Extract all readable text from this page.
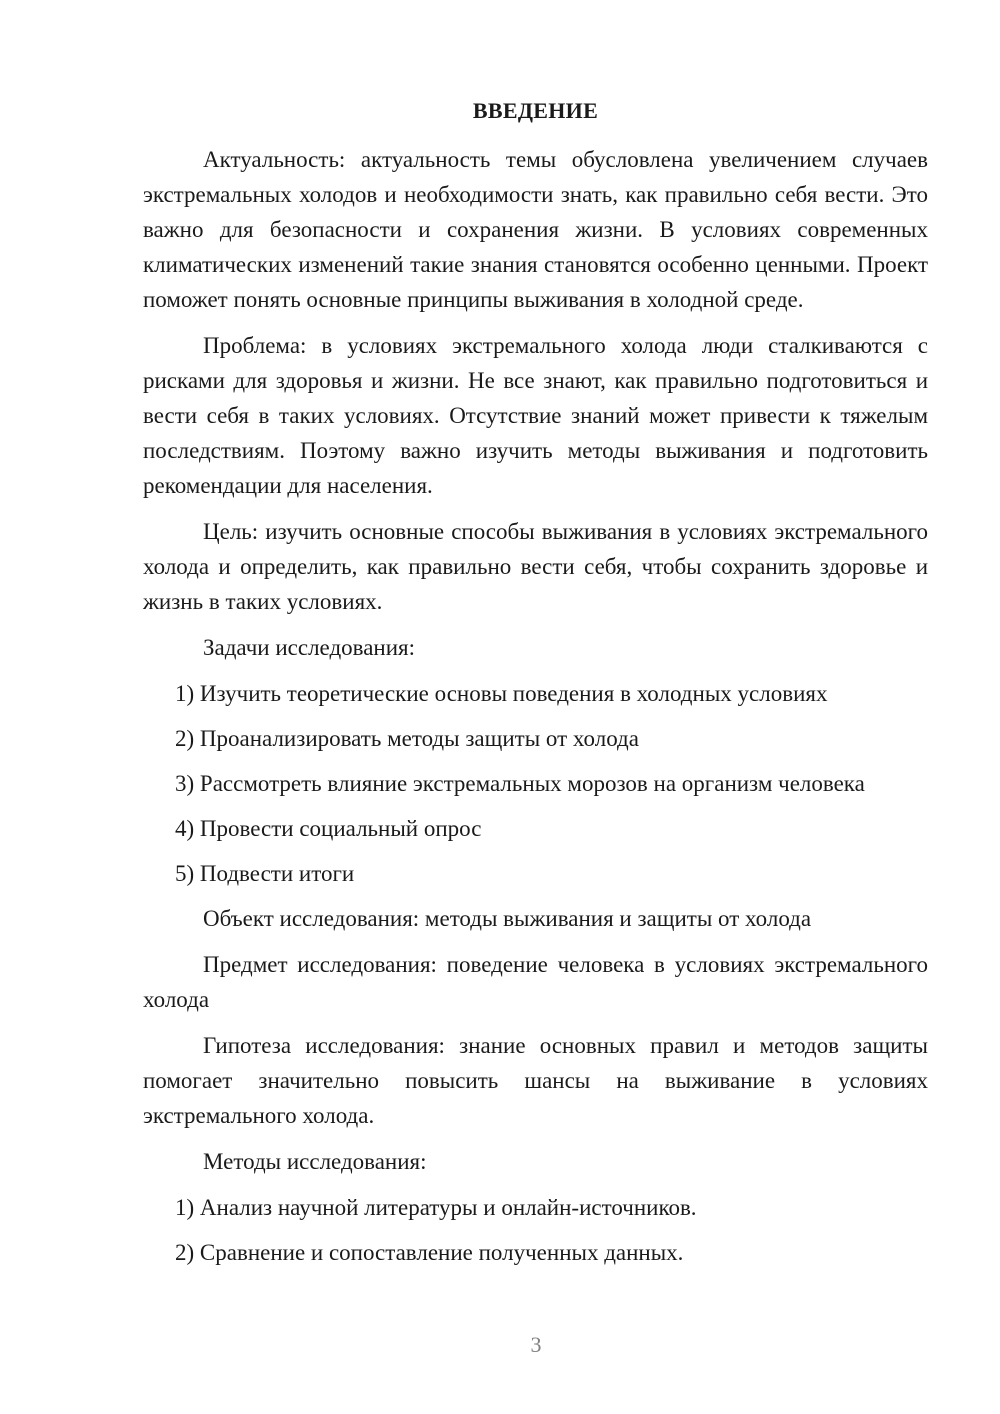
ВВЕДЕНИЕ

Актуальность: актуальность темы обусловлена увеличением случаев экстремальных холодов и необходимости знать, как правильно себя вести. Это важно для безопасности и сохранения жизни. В условиях современных климатических изменений такие знания становятся особенно ценными. Проект поможет понять основные принципы выживания в холодной среде.

Проблема: в условиях экстремального холода люди сталкиваются с рисками для здоровья и жизни. Не все знают, как правильно подготовиться и вести себя в таких условиях. Отсутствие знаний может привести к тяжелым последствиям. Поэтому важно изучить методы выживания и подготовить рекомендации для населения.

Цель: изучить основные способы выживания в условиях экстремального холода и определить, как правильно вести себя, чтобы сохранить здоровье и жизнь в таких условиях.

Задачи исследования:

1) Изучить теоретические основы поведения в холодных условиях
2) Проанализировать методы защиты от холода
3) Рассмотреть влияние экстремальных морозов на организм человека
4) Провести социальный опрос
5) Подвести итоги

Объект исследования: методы выживания и защиты от холода

Предмет исследования: поведение человека в условиях экстремального холода

Гипотеза исследования: знание основных правил и методов защиты помогает значительно повысить шансы на выживание в условиях экстремального холода.

Методы исследования:

1) Анализ научной литературы и онлайн-источников.
2) Сравнение и сопоставление полученных данных.
3
